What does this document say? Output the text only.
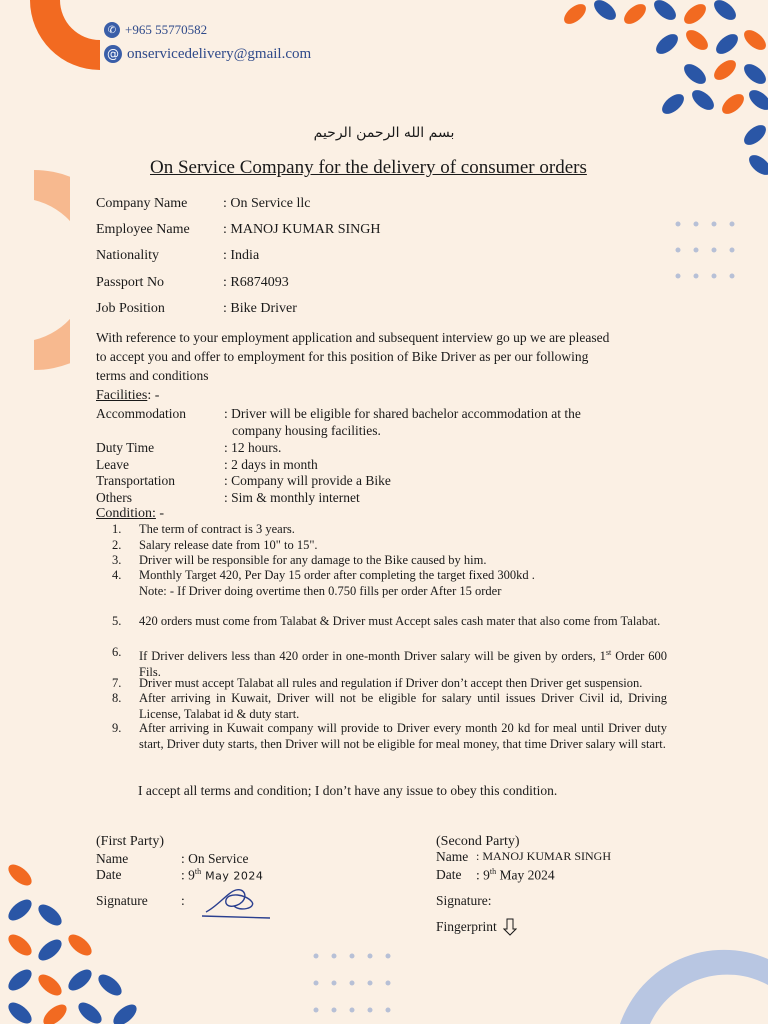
✆ +965 55770582
@ onservicedelivery@gmail.com
بسم الله الرحمن الرحيم
On Service Company for the delivery of consumer orders
Company Name	: On Service llc
Employee Name	: MANOJ KUMAR SINGH
Nationality	: India
Passport No	: R6874093
Job Position	: Bike Driver
With reference to your employment application and subsequent interview go up we are pleased to accept you and offer to employment for this position of Bike Driver as per our following terms and conditions
Facilities: -
Accommodation	: Driver will be eligible for shared bachelor accommodation at the
company housing facilities.
Duty Time	: 12 hours.
Leave	: 2 days in month
Transportation	: Company will provide a Bike
Others	: Sim & monthly internet
Condition: -
1.	The term of contract is 3 years.
2.	Salary release date from 10" to 15".
3.	Driver will be responsible for any damage to the Bike caused by him.
4.	Monthly Target 420, Per Day 15 order after completing the target fixed 300kd .
Note: - If Driver doing overtime then 0.750 fills per order After 15 order
5.	420 orders must come from Talabat & Driver must Accept sales cash mater that also come from Talabat.
6.	If Driver delivers less than 420 order in one-month Driver salary will be given by orders, 1st Order 600 Fils.
7.	Driver must accept Talabat all rules and regulation if Driver don’t accept then Driver get suspension.
8.	After arriving in Kuwait, Driver will not be eligible for salary until issues Driver Civil id, Driving License, Talabat id & duty start.
9.	After arriving in Kuwait company will provide to Driver every month 20 kd for meal until Driver duty start, Driver duty starts, then Driver will not be eligible for meal money, that time Driver salary will start.
I accept all terms and condition; I don’t have any issue to obey this condition.
(First Party)
Name	: On Service
Date	: 9th May 2024
Signature	:
(Second Party)
Name : MANOJ KUMAR SINGH
Date	: 9th May 2024
Signature:
Fingerprint
